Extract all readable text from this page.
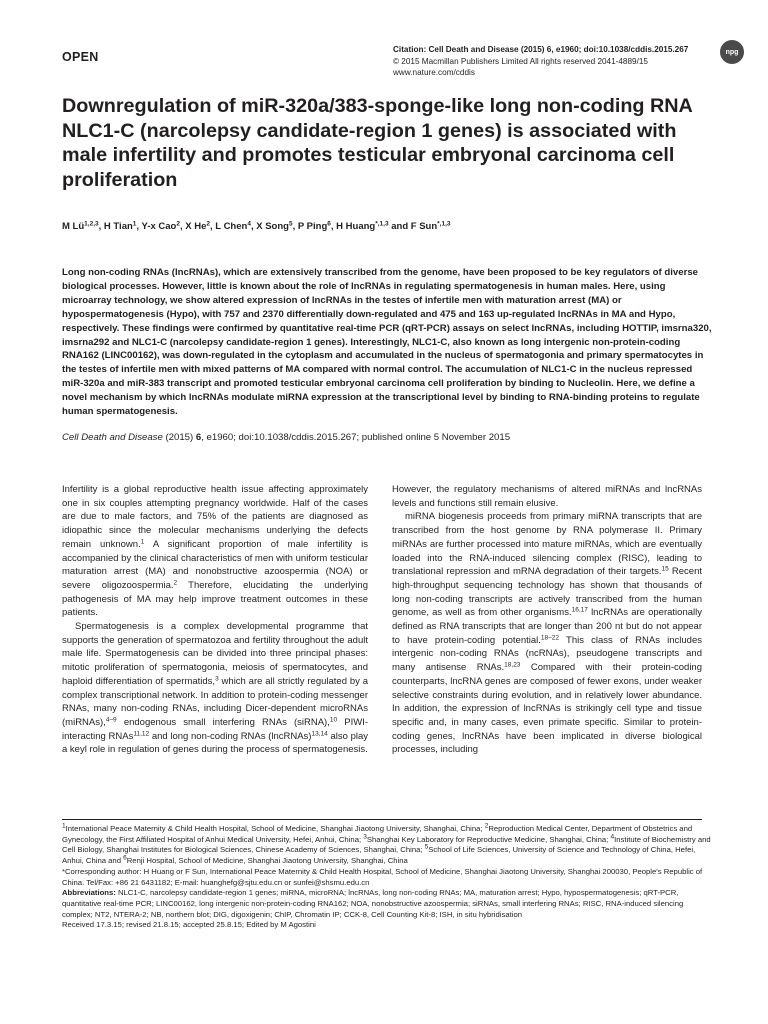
OPEN
Citation: Cell Death and Disease (2015) 6, e1960; doi:10.1038/cddis.2015.267
© 2015 Macmillan Publishers Limited All rights reserved 2041-4889/15
www.nature.com/cddis
npg
Downregulation of miR-320a/383-sponge-like long non-coding RNA NLC1-C (narcolepsy candidate-region 1 genes) is associated with male infertility and promotes testicular embryonal carcinoma cell proliferation
M Lü$^{1,2,3}$, H Tian$^1$, Y-x Cao$^2$, X He$^2$, L Chen$^4$, X Song$^5$, P Ping$^6$, H Huang$^{*,1,3}$ and F Sun$^{*,1,3}$
Long non-coding RNAs (lncRNAs), which are extensively transcribed from the genome, have been proposed to be key regulators of diverse biological processes. However, little is known about the role of lncRNAs in regulating spermatogenesis in human males. Here, using microarray technology, we show altered expression of lncRNAs in the testes of infertile men with maturation arrest (MA) or hypospermatogenesis (Hypo), with 757 and 2370 differentially down-regulated and 475 and 163 up-regulated lncRNAs in MA and Hypo, respectively. These findings were confirmed by quantitative real-time PCR (qRT-PCR) assays on select lncRNAs, including HOTTIP, imsrna320, imsrna292 and NLC1-C (narcolepsy candidate-region 1 genes). Interestingly, NLC1-C, also known as long intergenic non-protein-coding RNA162 (LINC00162), was down-regulated in the cytoplasm and accumulated in the nucleus of spermatogonia and primary spermatocytes in the testes of infertile men with mixed patterns of MA compared with normal control. The accumulation of NLC1-C in the nucleus repressed miR-320a and miR-383 transcript and promoted testicular embryonal carcinoma cell proliferation by binding to Nucleolin. Here, we define a novel mechanism by which lncRNAs modulate miRNA expression at the transcriptional level by binding to RNA-binding proteins to regulate human spermatogenesis.
Cell Death and Disease (2015) 6, e1960; doi:10.1038/cddis.2015.267; published online 5 November 2015

Infertility is a global reproductive health issue affecting approximately one in six couples attempting pregnancy worldwide. Half of the cases are due to male factors, and 75% of the patients are diagnosed as idiopathic since the molecular mechanisms underlying the defects remain unknown.$^1$ A significant proportion of male infertility is accompanied by the clinical characteristics of men with uniform testicular maturation arrest (MA) and nonobstructive azoospermia (NOA) or severe oligozoospermia.$^2$ Therefore, elucidating the underlying pathogenesis of MA may help improve treatment outcomes in these patients.

Spermatogenesis is a complex developmental programme that supports the generation of spermatozoa and fertility throughout the adult male life. Spermatogenesis can be divided into three principal phases: mitotic proliferation of spermatogonia, meiosis of spermatocytes, and haploid differentiation of spermatids,$^3$ which are all strictly regulated by a complex transcriptional network. In addition to protein-coding messenger RNAs, many non-coding RNAs, including Dicer-dependent microRNAs (miRNAs),$^{4-9}$ endogenous small interfering RNAs (siRNA),$^{10}$ PIWI-interacting RNAs$^{11,12}$ and long non-coding RNAs (lncRNAs)$^{13,14}$ also play a keyl role in regulation of genes during the process of spermatogenesis.

However, the regulatory mechanisms of altered miRNAs and lncRNAs levels and functions still remain elusive.

miRNA biogenesis proceeds from primary miRNA transcripts that are transcribed from the host genome by RNA polymerase II. Primary miRNAs are further processed into mature miRNAs, which are eventually loaded into the RNA-induced silencing complex (RISC), leading to translational repression and mRNA degradation of their targets.$^{15}$ Recent high-throughput sequencing technology has shown that thousands of long non-coding transcripts are actively transcribed from the human genome, as well as from other organisms.$^{16,17}$ lncRNAs are operationally defined as RNA transcripts that are longer than 200 nt but do not appear to have protein-coding potential.$^{18-22}$ This class of RNAs includes intergenic non-coding RNAs (ncRNAs), pseudogene transcripts and many antisense RNAs.$^{18,23}$ Compared with their protein-coding counterparts, lncRNA genes are composed of fewer exons, under weaker selective constraints during evolution, and in relatively lower abundance. In addition, the expression of lncRNAs is strikingly cell type and tissue specific and, in many cases, even primate specific. Similar to protein-coding genes, lncRNAs have been implicated in diverse biological processes, including

$^1$International Peace Maternity & Child Health Hospital, School of Medicine, Shanghai Jiaotong University, Shanghai, China; $^2$Reproduction Medical Center, Department of Obstetrics and Gynecology, the First Affiliated Hospital of Anhui Medical University, Hefei, Anhui, China; $^3$Shanghai Key Laboratory for Reproductive Medicine, Shanghai, China; $^4$Institute of Biochemistry and Cell Biology, Shanghai Institutes for Biological Sciences, Chinese Academy of Sciences, Shanghai, China; $^5$School of Life Sciences, University of Science and Technology of China, Hefei, Anhui, China and $^6$Renji Hospital, School of Medicine, Shanghai Jiaotong University, Shanghai, China

*Corresponding author: H Huang or F Sun, International Peace Maternity & Child Health Hospital, School of Medicine, Shanghai Jiaotong University, Shanghai 200030, People's Republic of China. Tel/Fax: +86 21 6431182; E-mail: huanghefg@sjtu.edu.cn or sunfei@shsmu.edu.cn

Abbreviations: NLC1-C, narcolepsy candidate-region 1 genes; miRNA, microRNA; lncRNAs, long non-coding RNAs; MA, maturation arrest; Hypo, hypospermatogenesis; qRT-PCR, quantitative real-time PCR; LINC00162, long intergenic non-protein-coding RNA162; NOA, nonobstructive azoospermia; siRNAs, small interfering RNAs; RISC, RNA-induced silencing complex; NT2, NTERA-2; NB, northern blot; DIG, digoxigenin; ChIP, Chromatin IP; CCK-8, Cell Counting Kit-8; ISH, in situ hybridisation

Received 17.3.15; revised 21.8.15; accepted 25.8.15; Edited by M Agostini
